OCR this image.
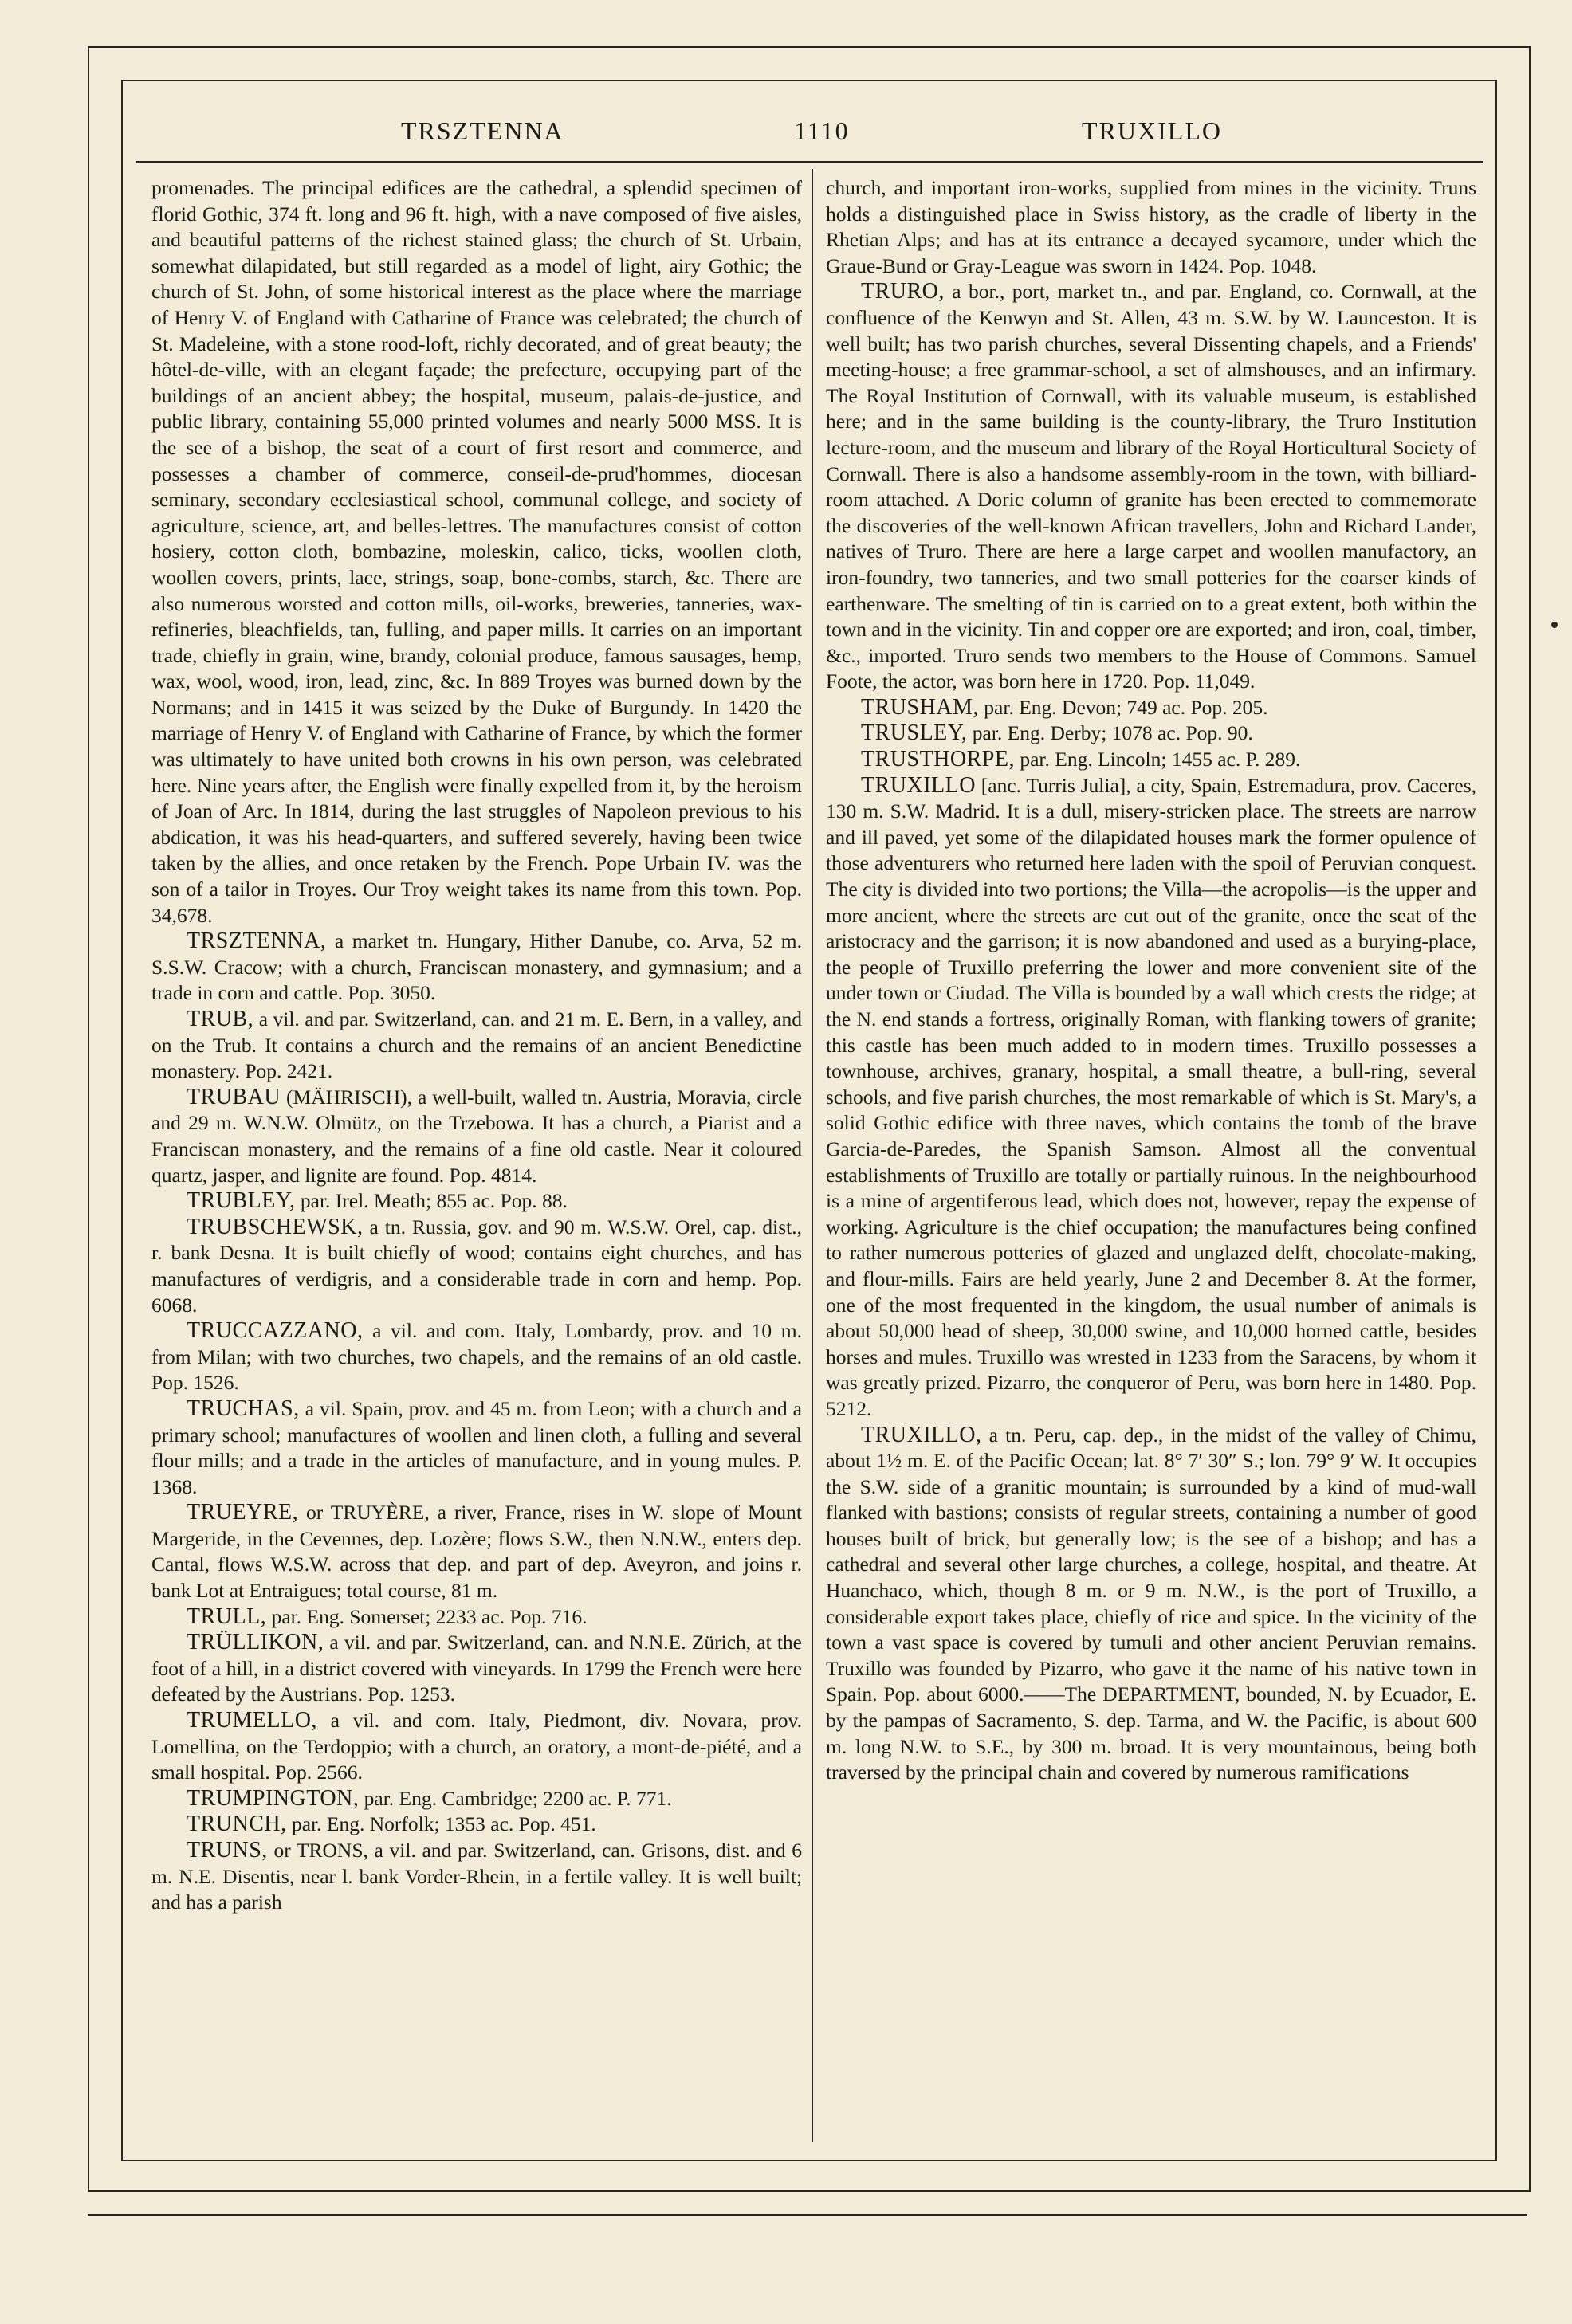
TRSZTENNA	1110	TRUXILLO

promenades. The principal edifices are the cathedral, a splendid specimen of florid Gothic, 374 ft. long and 96 ft. high, with a nave composed of five aisles, and beautiful patterns of the richest stained glass; the church of St. Urbain, somewhat dilapidated, but still regarded as a model of light, airy Gothic; the church of St. John, of some historical interest as the place where the marriage of Henry V. of England with Catharine of France was celebrated; the church of St. Madeleine, with a stone rood-loft, richly decorated, and of great beauty; the hôtel-de-ville, with an elegant façade; the prefecture, occupying part of the buildings of an ancient abbey; the hospital, museum, palais-de-justice, and public library, containing 55,000 printed volumes and nearly 5000 MSS. It is the see of a bishop, the seat of a court of first resort and commerce, and possesses a chamber of commerce, conseil-de-prud'hommes, diocesan seminary, secondary ecclesiastical school, communal college, and society of agriculture, science, art, and belles-lettres. The manufactures consist of cotton hosiery, cotton cloth, bombazine, moleskin, calico, ticks, woollen cloth, woollen covers, prints, lace, strings, soap, bone-combs, starch, &c. There are also numerous worsted and cotton mills, oil-works, breweries, tanneries, wax-refineries, bleachfields, tan, fulling, and paper mills. It carries on an important trade, chiefly in grain, wine, brandy, colonial produce, famous sausages, hemp, wax, wool, wood, iron, lead, zinc, &c. In 889 Troyes was burned down by the Normans; and in 1415 it was seized by the Duke of Burgundy. In 1420 the marriage of Henry V. of England with Catharine of France, by which the former was ultimately to have united both crowns in his own person, was celebrated here. Nine years after, the English were finally expelled from it, by the heroism of Joan of Arc. In 1814, during the last struggles of Napoleon previous to his abdication, it was his head-quarters, and suffered severely, having been twice taken by the allies, and once retaken by the French. Pope Urbain IV. was the son of a tailor in Troyes. Our Troy weight takes its name from this town. Pop. 34,678.

TRSZTENNA, a market tn. Hungary, Hither Danube, co. Arva, 52 m. S.S.W. Cracow; with a church, Franciscan monastery, and gymnasium; and a trade in corn and cattle. Pop. 3050.

TRUB, a vil. and par. Switzerland, can. and 21 m. E. Bern, in a valley, and on the Trub. It contains a church and the remains of an ancient Benedictine monastery. Pop. 2421.

TRUBAU (MÄHRISCH), a well-built, walled tn. Austria, Moravia, circle and 29 m. W.N.W. Olmütz, on the Trzebowa. It has a church, a Piarist and a Franciscan monastery, and the remains of a fine old castle. Near it coloured quartz, jasper, and lignite are found. Pop. 4814.

TRUBLEY, par. Irel. Meath; 855 ac. Pop. 88.

TRUBSCHEWSK, a tn. Russia, gov. and 90 m. W.S.W. Orel, cap. dist., r. bank Desna. It is built chiefly of wood; contains eight churches, and has manufactures of verdigris, and a considerable trade in corn and hemp. Pop. 6068.

TRUCCAZZANO, a vil. and com. Italy, Lombardy, prov. and 10 m. from Milan; with two churches, two chapels, and the remains of an old castle. Pop. 1526.

TRUCHAS, a vil. Spain, prov. and 45 m. from Leon; with a church and a primary school; manufactures of woollen and linen cloth, a fulling and several flour mills; and a trade in the articles of manufacture, and in young mules. P. 1368.

TRUEYRE, or TRUYÈRE, a river, France, rises in W. slope of Mount Margeride, in the Cevennes, dep. Lozère; flows S.W., then N.N.W., enters dep. Cantal, flows W.S.W. across that dep. and part of dep. Aveyron, and joins r. bank Lot at Entraigues; total course, 81 m.

TRULL, par. Eng. Somerset; 2233 ac. Pop. 716.

TRÜLLIKON, a vil. and par. Switzerland, can. and N.N.E. Zürich, at the foot of a hill, in a district covered with vineyards. In 1799 the French were here defeated by the Austrians. Pop. 1253.

TRUMELLO, a vil. and com. Italy, Piedmont, div. Novara, prov. Lomellina, on the Terdoppio; with a church, an oratory, a mont-de-piété, and a small hospital. Pop. 2566.

TRUMPINGTON, par. Eng. Cambridge; 2200 ac. P. 771.

TRUNCH, par. Eng. Norfolk; 1353 ac. Pop. 451.

TRUNS, or TRONS, a vil. and par. Switzerland, can. Grisons, dist. and 6 m. N.E. Disentis, near l. bank Vorder-Rhein, in a fertile valley. It is well built; and has a parish

church, and important iron-works, supplied from mines in the vicinity. Truns holds a distinguished place in Swiss history, as the cradle of liberty in the Rhetian Alps; and has at its entrance a decayed sycamore, under which the Graue-Bund or Gray-League was sworn in 1424. Pop. 1048.

TRURO, a bor., port, market tn., and par. England, co. Cornwall, at the confluence of the Kenwyn and St. Allen, 43 m. S.W. by W. Launceston. It is well built; has two parish churches, several Dissenting chapels, and a Friends' meeting-house; a free grammar-school, a set of almshouses, and an infirmary. The Royal Institution of Cornwall, with its valuable museum, is established here; and in the same building is the county-library, the Truro Institution lecture-room, and the museum and library of the Royal Horticultural Society of Cornwall. There is also a handsome assembly-room in the town, with billiard-room attached. A Doric column of granite has been erected to commemorate the discoveries of the well-known African travellers, John and Richard Lander, natives of Truro. There are here a large carpet and woollen manufactory, an iron-foundry, two tanneries, and two small potteries for the coarser kinds of earthenware. The smelting of tin is carried on to a great extent, both within the town and in the vicinity. Tin and copper ore are exported; and iron, coal, timber, &c., imported. Truro sends two members to the House of Commons. Samuel Foote, the actor, was born here in 1720. Pop. 11,049.

TRUSHAM, par. Eng. Devon; 749 ac. Pop. 205.

TRUSLEY, par. Eng. Derby; 1078 ac. Pop. 90.

TRUSTHORPE, par. Eng. Lincoln; 1455 ac. P. 289.

TRUXILLO [anc. Turris Julia], a city, Spain, Estremadura, prov. Caceres, 130 m. S.W. Madrid. It is a dull, misery-stricken place. The streets are narrow and ill paved, yet some of the dilapidated houses mark the former opulence of those adventurers who returned here laden with the spoil of Peruvian conquest. The city is divided into two portions; the Villa—the acropolis—is the upper and more ancient, where the streets are cut out of the granite, once the seat of the aristocracy and the garrison; it is now abandoned and used as a burying-place, the people of Truxillo preferring the lower and more convenient site of the under town or Ciudad. The Villa is bounded by a wall which crests the ridge; at the N. end stands a fortress, originally Roman, with flanking towers of granite; this castle has been much added to in modern times. Truxillo possesses a townhouse, archives, granary, hospital, a small theatre, a bull-ring, several schools, and five parish churches, the most remarkable of which is St. Mary's, a solid Gothic edifice with three naves, which contains the tomb of the brave Garcia-de-Paredes, the Spanish Samson. Almost all the conventual establishments of Truxillo are totally or partially ruinous. In the neighbourhood is a mine of argentiferous lead, which does not, however, repay the expense of working. Agriculture is the chief occupation; the manufactures being confined to rather numerous potteries of glazed and unglazed delft, chocolate-making, and flour-mills. Fairs are held yearly, June 2 and December 8. At the former, one of the most frequented in the kingdom, the usual number of animals is about 50,000 head of sheep, 30,000 swine, and 10,000 horned cattle, besides horses and mules. Truxillo was wrested in 1233 from the Saracens, by whom it was greatly prized. Pizarro, the conqueror of Peru, was born here in 1480. Pop. 5212.

TRUXILLO, a tn. Peru, cap. dep., in the midst of the valley of Chimu, about 1½ m. E. of the Pacific Ocean; lat. 8° 7′ 30″ S.; lon. 79° 9′ W. It occupies the S.W. side of a granitic mountain; is surrounded by a kind of mud-wall flanked with bastions; consists of regular streets, containing a number of good houses built of brick, but generally low; is the see of a bishop; and has a cathedral and several other large churches, a college, hospital, and theatre. At Huanchaco, which, though 8 m. or 9 m. N.W., is the port of Truxillo, a considerable export takes place, chiefly of rice and spice. In the vicinity of the town a vast space is covered by tumuli and other ancient Peruvian remains. Truxillo was founded by Pizarro, who gave it the name of his native town in Spain. Pop. about 6000.——The DEPARTMENT, bounded, N. by Ecuador, E. by the pampas of Sacramento, S. dep. Tarma, and W. the Pacific, is about 600 m. long N.W. to S.E., by 300 m. broad. It is very mountainous, being both traversed by the principal chain and covered by numerous ramifications
